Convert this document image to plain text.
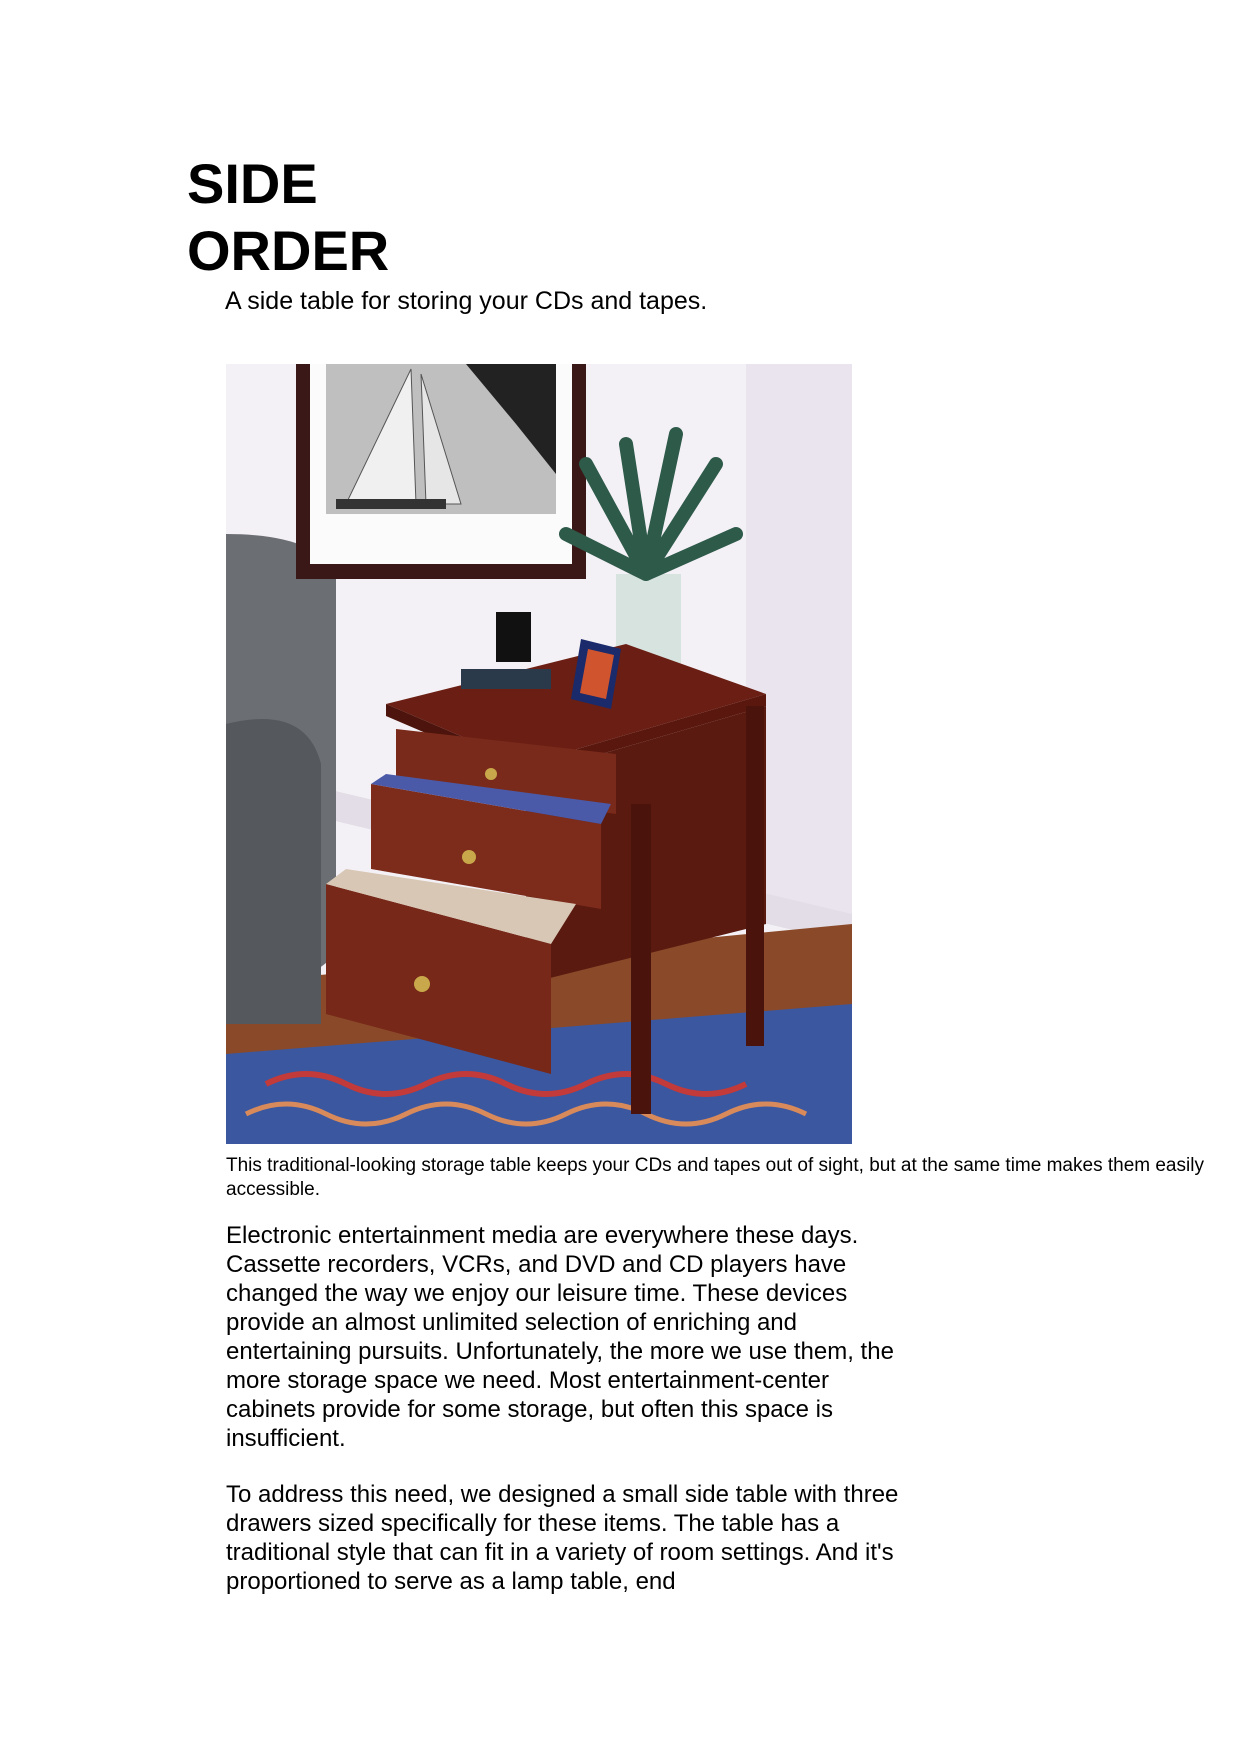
SIDE
ORDER

A side table for storing your CDs and tapes.

This traditional-looking storage table keeps your CDs and tapes out of sight, but at the same time makes them easily accessible.

Electronic entertainment media are everywhere these days. Cassette recorders, VCRs, and DVD and CD players have changed the way we enjoy our leisure time. These devices provide an almost unlimited selection of enriching and entertaining pursuits. Unfortunately, the more we use them, the more storage space we need. Most entertainment-center cabinets provide for some storage, but often this space is insufficient.

To address this need, we designed a small side table with three drawers sized specifically for these items. The table has a traditional style that can fit in a variety of room settings. And it's proportioned to serve as a lamp table, end
